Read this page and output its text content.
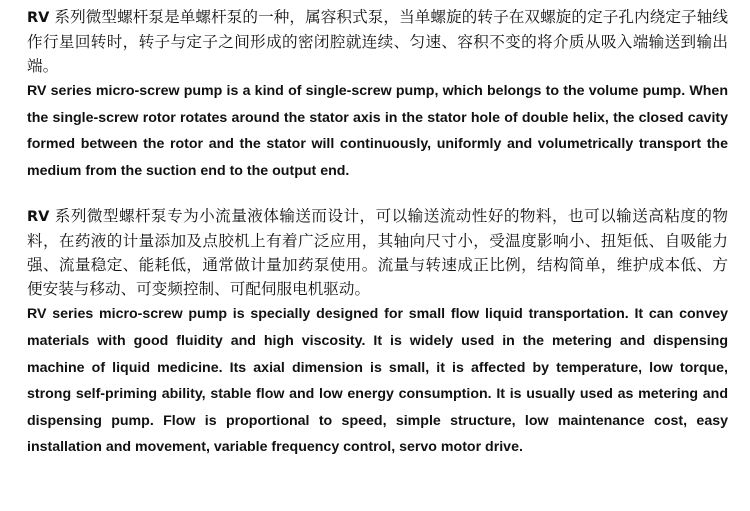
RV 系列微型螺杆泵是单螺杆泵的一种，属容积式泵，当单螺旋的转子在双螺旋的定子孔内绕定子轴线作行星回转时，转子与定子之间形成的密闭腔就连续、匀速、容积不变的将介质从吸入端输送到输出端。

RV series micro-screw pump is a kind of single-screw pump, which belongs to the volume pump. When the single-screw rotor rotates around the stator axis in the stator hole of double helix, the closed cavity formed between the rotor and the stator will continuously, uniformly and volumetrically transport the medium from the suction end to the output end.

RV 系列微型螺杆泵专为小流量液体输送而设计，可以输送流动性好的物料，也可以输送高粘度的物料，在药液的计量添加及点胶机上有着广泛应用，其轴向尺寸小，受温度影响小、扭矩低、自吸能力强、流量稳定、能耗低，通常做计量加药泵使用。流量与转速成正比例，结构简单，维护成本低、方便安装与移动、可变频控制、可配伺服电机驱动。

RV series micro-screw pump is specially designed for small flow liquid transportation. It can convey materials with good fluidity and high viscosity. It is widely used in the metering and dispensing machine of liquid medicine. Its axial dimension is small, it is affected by temperature, low torque, strong self-priming ability, stable flow and low energy consumption. It is usually used as metering and dispensing pump. Flow is proportional to speed, simple structure, low maintenance cost, easy installation and movement, variable frequency control, servo motor drive.
